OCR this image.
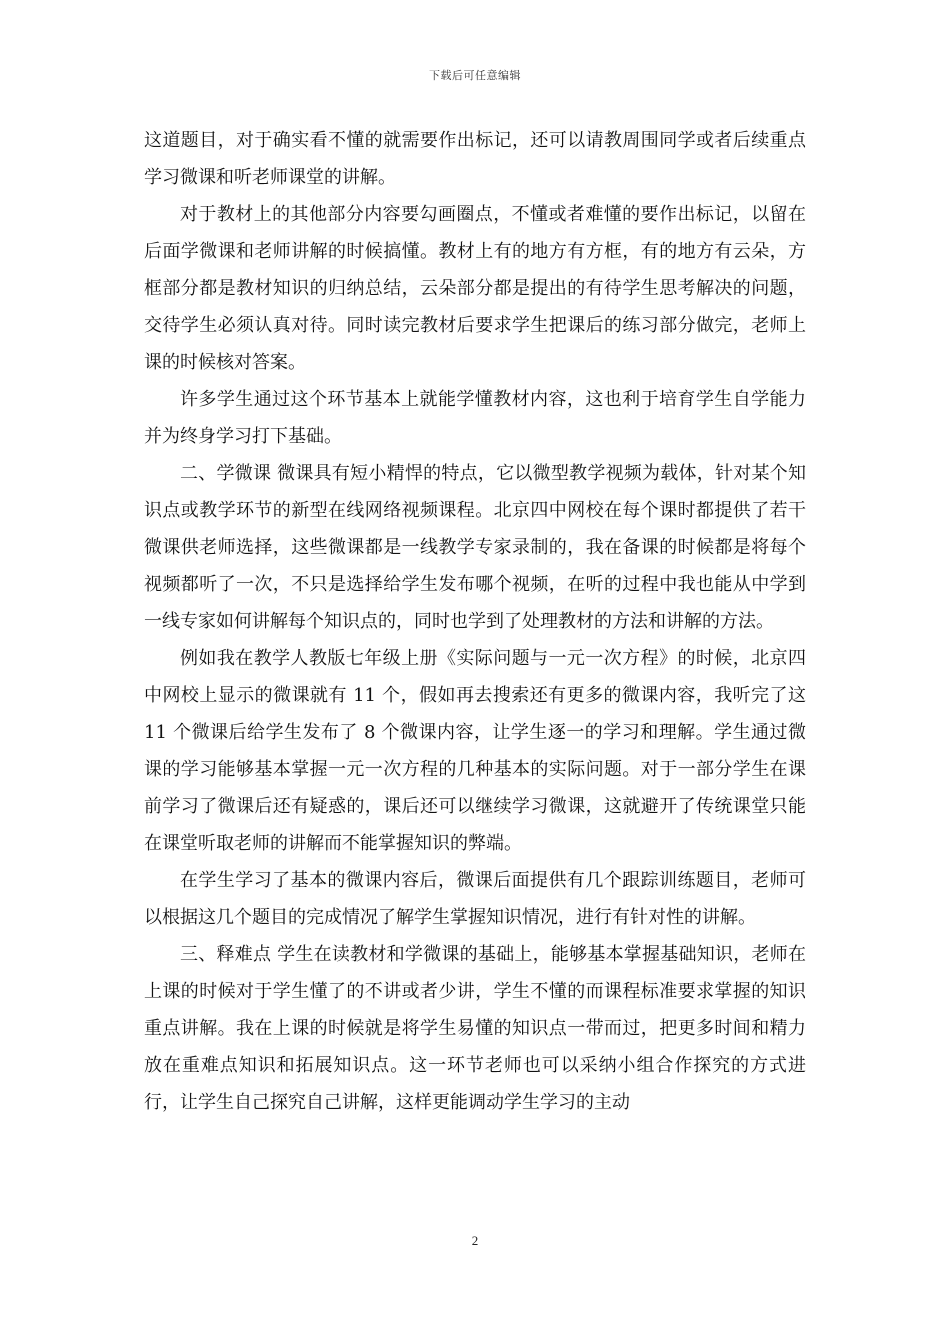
下载后可任意编辑

这道题目，对于确实看不懂的就需要作出标记，还可以请教周围同学或者后续重点学习微课和听老师课堂的讲解。

对于教材上的其他部分内容要勾画圈点，不懂或者难懂的要作出标记，以留在后面学微课和老师讲解的时候搞懂。教材上有的地方有方框，有的地方有云朵，方框部分都是教材知识的归纳总结，云朵部分都是提出的有待学生思考解决的问题，交待学生必须认真对待。同时读完教材后要求学生把课后的练习部分做完，老师上课的时候核对答案。

许多学生通过这个环节基本上就能学懂教材内容，这也利于培育学生自学能力并为终身学习打下基础。

二、学微课 微课具有短小精悍的特点，它以微型教学视频为载体，针对某个知识点或教学环节的新型在线网络视频课程。北京四中网校在每个课时都提供了若干微课供老师选择，这些微课都是一线教学专家录制的，我在备课的时候都是将每个视频都听了一次，不只是选择给学生发布哪个视频，在听的过程中我也能从中学到一线专家如何讲解每个知识点的，同时也学到了处理教材的方法和讲解的方法。

例如我在教学人教版七年级上册《实际问题与一元一次方程》的时候，北京四中网校上显示的微课就有 11 个，假如再去搜索还有更多的微课内容，我听完了这 11 个微课后给学生发布了 8 个微课内容，让学生逐一的学习和理解。学生通过微课的学习能够基本掌握一元一次方程的几种基本的实际问题。对于一部分学生在课前学习了微课后还有疑惑的，课后还可以继续学习微课，这就避开了传统课堂只能在课堂听取老师的讲解而不能掌握知识的弊端。

在学生学习了基本的微课内容后，微课后面提供有几个跟踪训练题目，老师可以根据这几个题目的完成情况了解学生掌握知识情况，进行有针对性的讲解。

三、释难点 学生在读教材和学微课的基础上，能够基本掌握基础知识，老师在上课的时候对于学生懂了的不讲或者少讲，学生不懂的而课程标准要求掌握的知识重点讲解。我在上课的时候就是将学生易懂的知识点一带而过，把更多时间和精力放在重难点知识和拓展知识点。这一环节老师也可以采纳小组合作探究的方式进行，让学生自己探究自己讲解，这样更能调动学生学习的主动

2
